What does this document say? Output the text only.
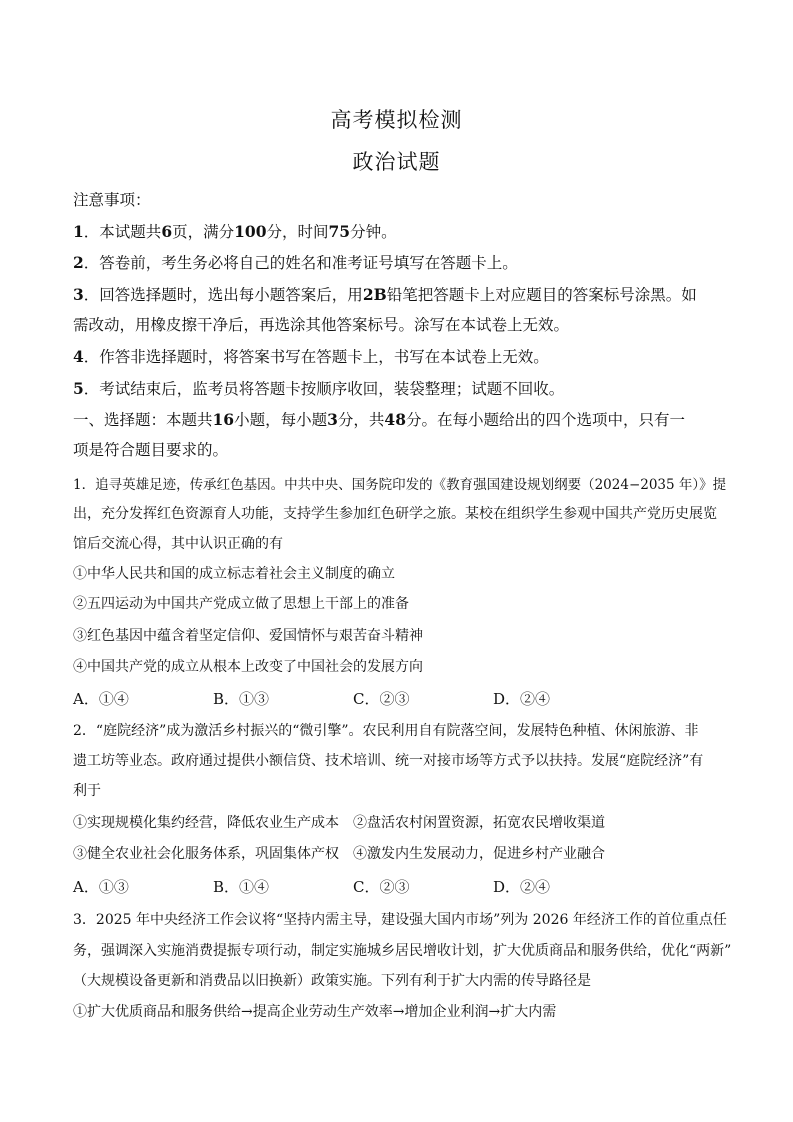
高考模拟检测
政治试题
注意事项：
1．本试题共6页，满分100分，时间75分钟。
2．答卷前，考生务必将自己的姓名和准考证号填写在答题卡上。
3．回答选择题时，选出每小题答案后，用2B铅笔把答题卡上对应题目的答案标号涂黑。如
需改动，用橡皮擦干净后，再选涂其他答案标号。涂写在本试卷上无效。
4．作答非选择题时，将答案书写在答题卡上，书写在本试卷上无效。
5．考试结束后，监考员将答题卡按顺序收回，装袋整理；试题不回收。
一、选择题：本题共16小题，每小题3分，共48分。在每小题给出的四个选项中，只有一
项是符合题目要求的。
1．追寻英雄足迹，传承红色基因。中共中央、国务院印发的《教育强国建设规划纲要（2024−2035 年）》提
出，充分发挥红色资源育人功能，支持学生参加红色研学之旅。某校在组织学生参观中国共产党历史展览
馆后交流心得，其中认识正确的有
①中华人民共和国的成立标志着社会主义制度的确立
②五四运动为中国共产党成立做了思想上干部上的准备
③红色基因中蕴含着坚定信仰、爱国情怀与艰苦奋斗精神
④中国共产党的成立从根本上改变了中国社会的发展方向
A．①④	B．①③	C．②③	D．②④
2．“庭院经济”成为激活乡村振兴的“微引擎”。农民利用自有院落空间，发展特色种植、休闲旅游、非
遗工坊等业态。政府通过提供小额信贷、技术培训、统一对接市场等方式予以扶持。发展“庭院经济”有
利于
①实现规模化集约经营，降低农业生产成本　②盘活农村闲置资源，拓宽农民增收渠道
③健全农业社会化服务体系，巩固集体产权　④激发内生发展动力，促进乡村产业融合
A．①③	B．①④	C．②③	D．②④
3．2025 年中央经济工作会议将“坚持内需主导，建设强大国内市场”列为 2026 年经济工作的首位重点任
务，强调深入实施消费提振专项行动，制定实施城乡居民增收计划，扩大优质商品和服务供给，优化“两新”
（大规模设备更新和消费品以旧换新）政策实施。下列有利于扩大内需的传导路径是
①扩大优质商品和服务供给→提高企业劳动生产效率→增加企业利润→扩大内需
